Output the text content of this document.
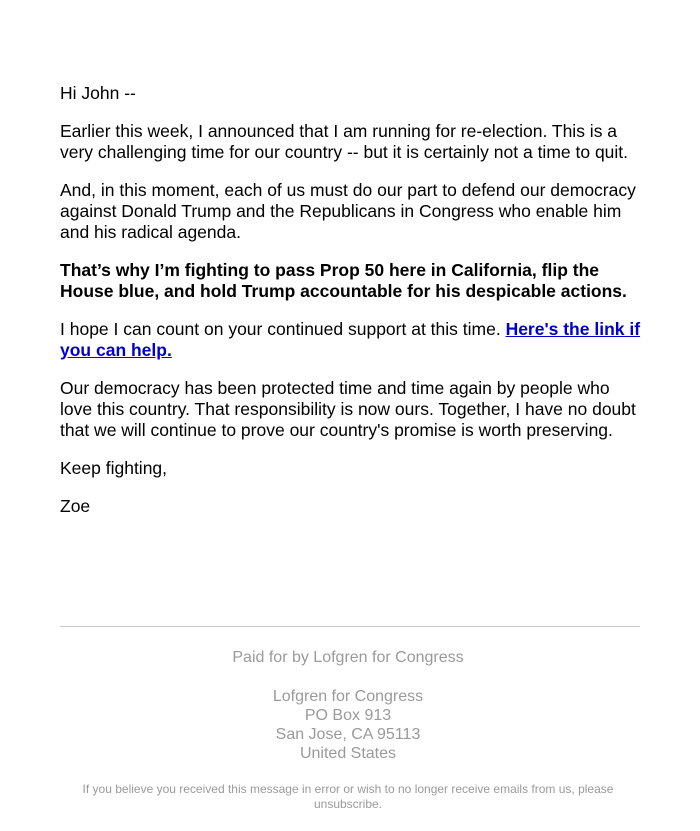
Hi John --

Earlier this week, I announced that I am running for re-election. This is a very challenging time for our country -- but it is certainly not a time to quit.

And, in this moment, each of us must do our part to defend our democracy against Donald Trump and the Republicans in Congress who enable him and his radical agenda.

That’s why I’m fighting to pass Prop 50 here in California, flip the House blue, and hold Trump accountable for his despicable actions.

I hope I can count on your continued support at this time. Here's the link if you can help.

Our democracy has been protected time and time again by people who love this country. That responsibility is now ours. Together, I have no doubt that we will continue to prove our country's promise is worth preserving.

Keep fighting,

Zoe

Paid for by Lofgren for Congress
Lofgren for Congress
PO Box 913
San Jose, CA 95113
United States
If you believe you received this message in error or wish to no longer receive emails from us, please unsubscribe.
